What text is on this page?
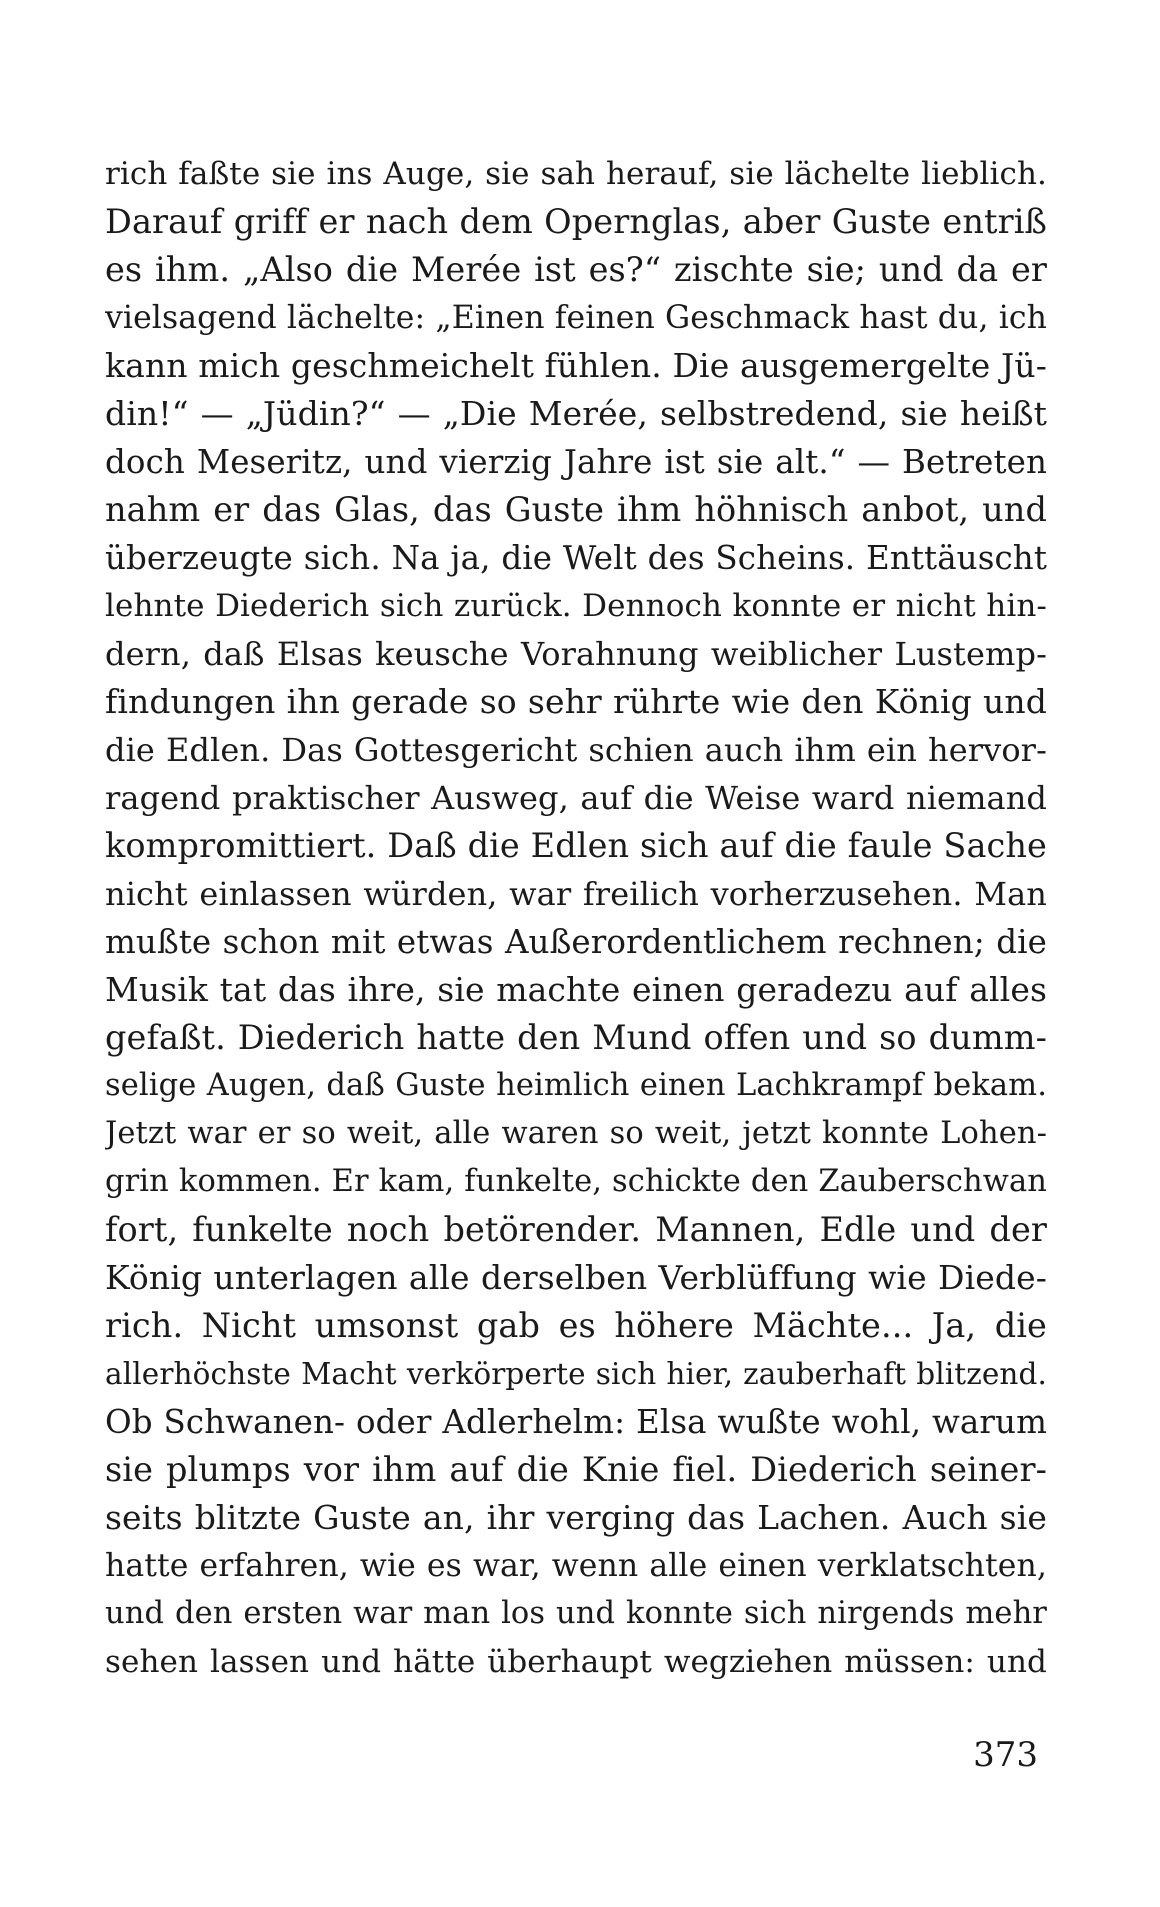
rich faßte sie ins Auge, sie sah herauf, sie lächelte lieblich.
Darauf griff er nach dem Opernglas, aber Guste entriß
es ihm. „Also die Merée ist es?“ zischte sie; und da er
vielsagend lächelte: „Einen feinen Geschmack hast du, ich
kann mich geschmeichelt fühlen. Die ausgemergelte Jü-
din!“ — „Jüdin?“ — „Die Merée, selbstredend, sie heißt
doch Meseritz, und vierzig Jahre ist sie alt.“ — Betreten
nahm er das Glas, das Guste ihm höhnisch anbot, und
überzeugte sich. Na ja, die Welt des Scheins. Enttäuscht
lehnte Diederich sich zurück. Dennoch konnte er nicht hin-
dern, daß Elsas keusche Vorahnung weiblicher Lustemp-
findungen ihn gerade so sehr rührte wie den König und
die Edlen. Das Gottesgericht schien auch ihm ein hervor-
ragend praktischer Ausweg, auf die Weise ward niemand
kompromittiert. Daß die Edlen sich auf die faule Sache
nicht einlassen würden, war freilich vorherzusehen. Man
mußte schon mit etwas Außerordentlichem rechnen; die
Musik tat das ihre, sie machte einen geradezu auf alles
gefaßt. Diederich hatte den Mund offen und so dumm-
selige Augen, daß Guste heimlich einen Lachkrampf bekam.
Jetzt war er so weit, alle waren so weit, jetzt konnte Lohen-
grin kommen. Er kam, funkelte, schickte den Zauberschwan
fort, funkelte noch betörender. Mannen, Edle und der
König unterlagen alle derselben Verblüffung wie Diede-
rich. Nicht umsonst gab es höhere Mächte... Ja, die
allerhöchste Macht verkörperte sich hier, zauberhaft blitzend.
Ob Schwanen- oder Adlerhelm: Elsa wußte wohl, warum
sie plumps vor ihm auf die Knie fiel. Diederich seiner-
seits blitzte Guste an, ihr verging das Lachen. Auch sie
hatte erfahren, wie es war, wenn alle einen verklatschten,
und den ersten war man los und konnte sich nirgends mehr
sehen lassen und hätte überhaupt wegziehen müssen: und
373
